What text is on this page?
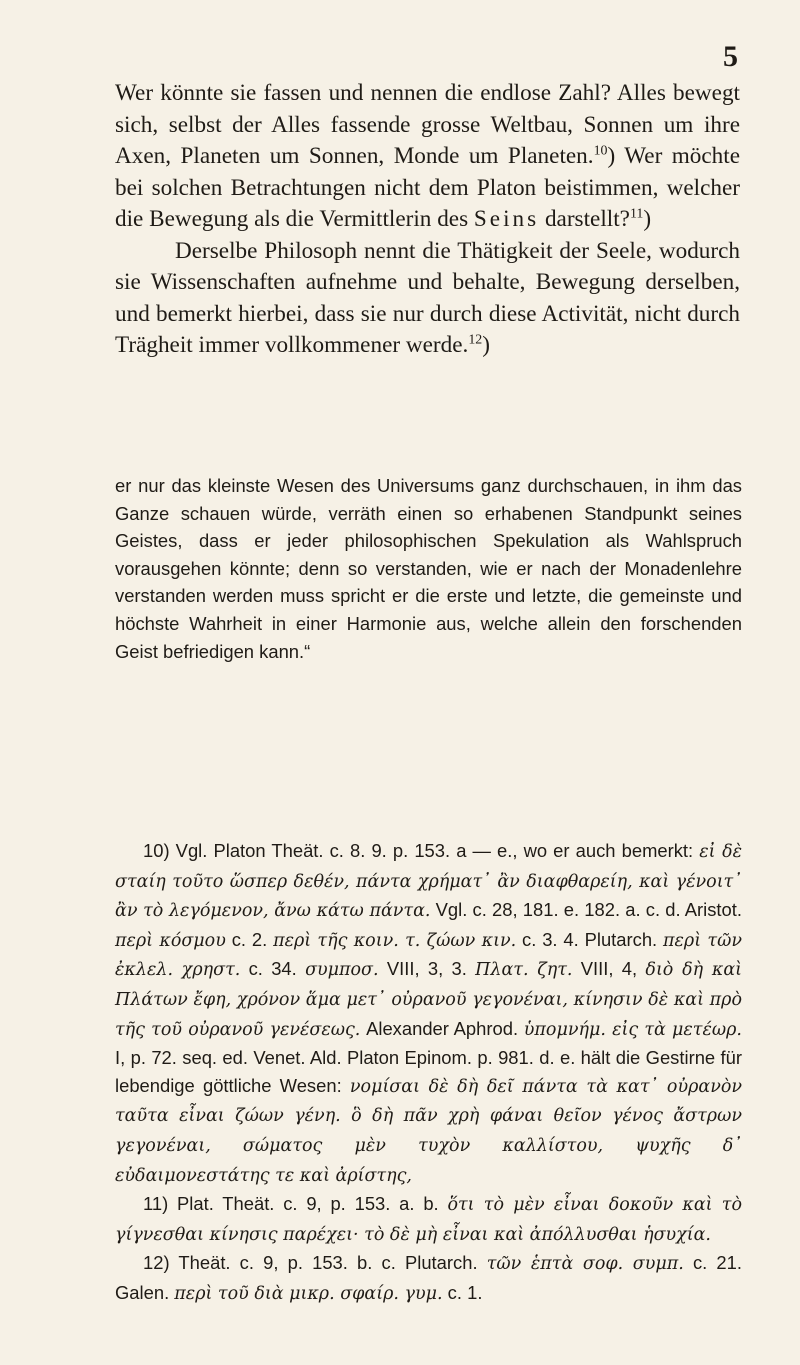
5

Wer könnte sie fassen und nennen die endlose Zahl? Alles bewegt sich, selbst der Alles fassende grosse Weltbau, Sonnen um ihre Axen, Planeten um Sonnen, Monde um Planeten.$^{10}$) Wer möchte bei solchen Betrachtungen nicht dem Platon beistimmen, welcher die Bewegung als die Vermittlerin des Seins darstellt?$^{11}$)

Derselbe Philosoph nennt die Thätigkeit der Seele, wodurch sie Wissenschaften aufnehme und behalte, Bewegung derselben, und bemerkt hierbei, dass sie nur durch diese Activität, nicht durch Trägheit immer vollkommener werde.$^{12}$)

er nur das kleinste Wesen des Universums ganz durchschauen, in ihm das Ganze schauen würde, verräth einen so erhabenen Standpunkt seines Geistes, dass er jeder philosophischen Spekulation als Wahlspruch vorausgehen könnte; denn so verstanden, wie er nach der Monadenlehre verstanden werden muss spricht er die erste und letzte, die gemeinste und höchste Wahrheit in einer Harmonie aus, welche allein den forschenden Geist befriedigen kann.“

10) Vgl. Platon Theät. c. 8. 9. p. 153. a — e., wo er auch bemerkt: εἰ δὲ σταίη τοῦτο ὥσπερ δεθέν, πάντα χρήματ᾽ ἂν διαφθαρείη, καὶ γένοιτ᾽ ἂν τὸ λεγόμενον, ἄνω κάτω πάντα. Vgl. c. 28, 181. e. 182. a. c. d. Aristot. περὶ κόσμου c. 2. περὶ τῆς κοιν. τ. ζώων κιν. c. 3. 4. Plutarch. περὶ τῶν ἐκλελ. χρηστ. c. 34. συμποσ. VIII, 3, 3. Πλατ. ζητ. VIII, 4, διὸ δὴ καὶ Πλάτων ἔφη, χρόνον ἅμα μετ᾽ οὐρανοῦ γεγονέναι, κίνησιν δὲ καὶ πρὸ τῆς τοῦ οὐρανοῦ γενέσεως. Alexander Aphrod. ὑπομνήμ. εἰς τὰ μετέωρ. I, p. 72. seq. ed. Venet. Ald. Platon Epinom. p. 981. d. e. hält die Gestirne für lebendige göttliche Wesen: νομίσαι δὲ δὴ δεῖ πάντα τὰ κατ᾽ οὐρανὸν ταῦτα εἶναι ζώων γένη. ὃ δὴ πᾶν χρὴ φάναι θεῖον γένος ἄστρων γεγονέναι, σώματος μὲν τυχὸν καλλίστου, ψυχῆς δ᾽ εὐδαιμονεστάτης τε καὶ ἀρίστης,

11) Plat. Theät. c. 9, p. 153. a. b. ὅτι τὸ μὲν εἶναι δοκοῦν καὶ τὸ γίγνεσθαι κίνησις παρέχει· τὸ δὲ μὴ εἶναι καὶ ἀπόλλυσθαι ἡσυχία.

12) Theät. c. 9, p. 153. b. c. Plutarch. τῶν ἑπτὰ σοφ. συμπ. c. 21. Galen. περὶ τοῦ διὰ μικρ. σφαίρ. γυμ. c. 1.
